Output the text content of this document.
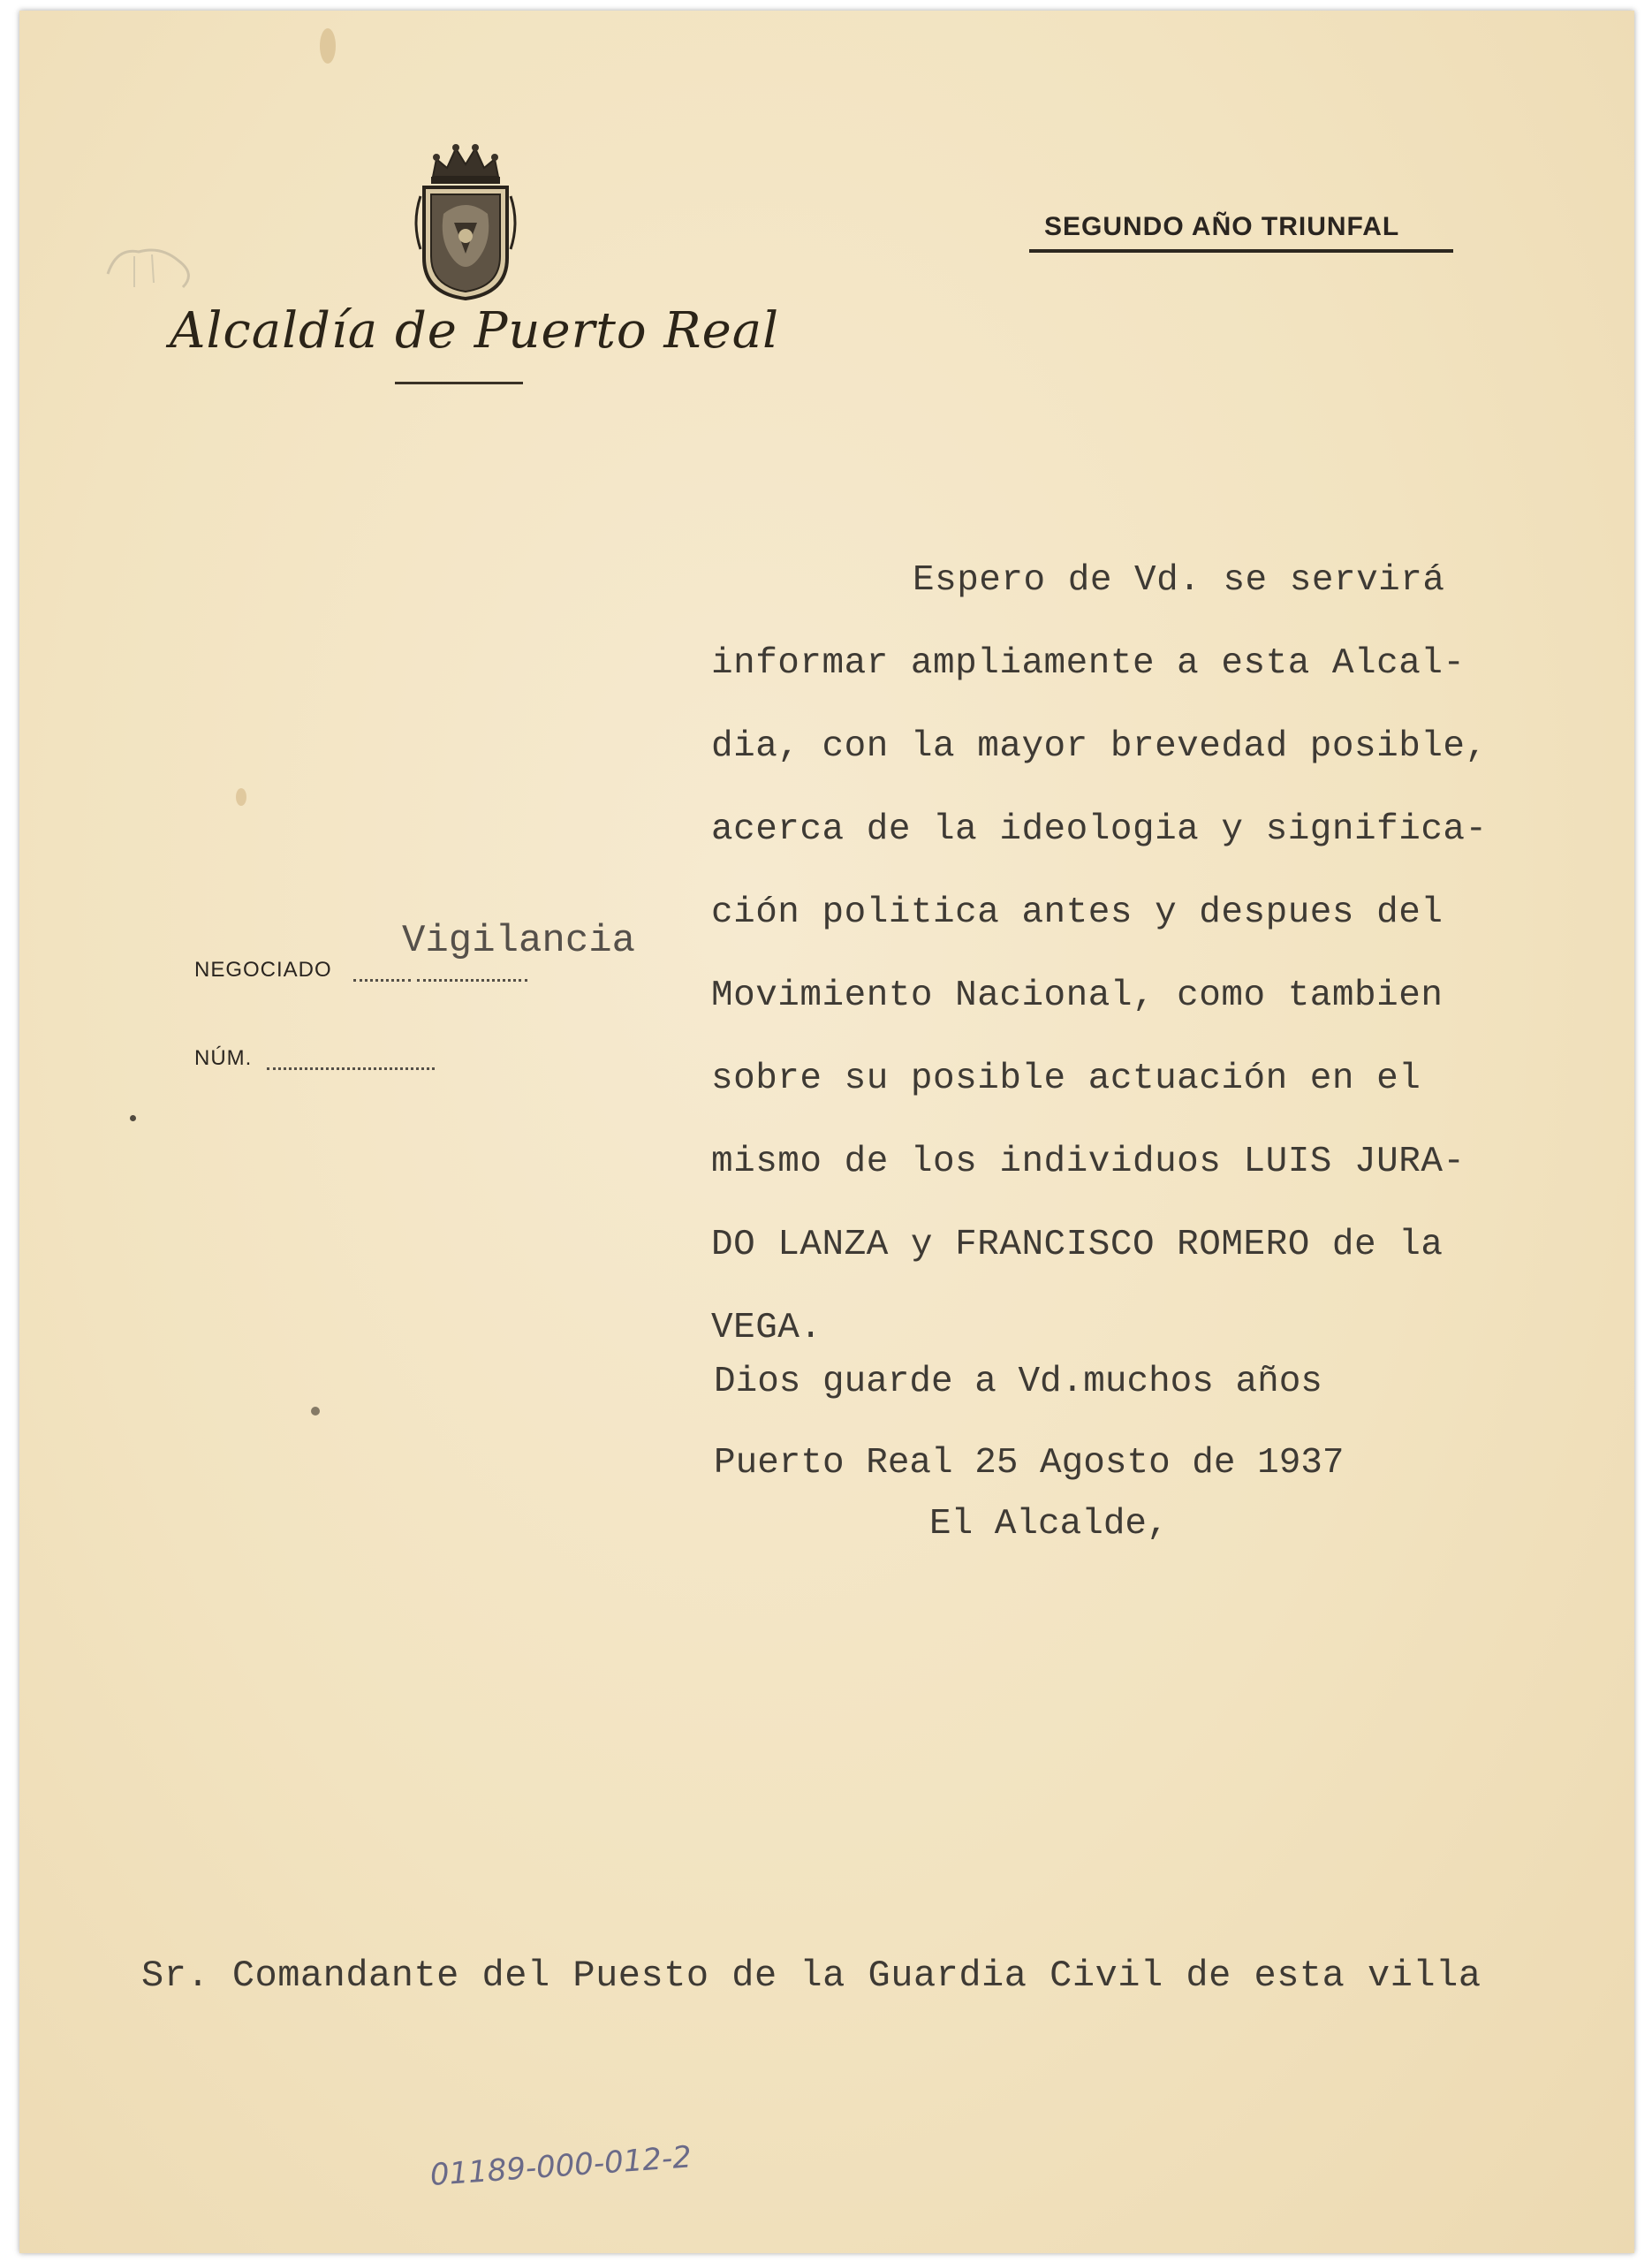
Alcaldía de Puerto Real
SEGUNDO AÑO TRIUNFAL
NEGOCIADO
Vigilancia
NÚM.
Espero de Vd. se servirá
informar ampliamente a esta Alcal-
dia, con la mayor brevedad posible,
acerca de la ideologia y significa-
ción politica antes y despues del
Movimiento Nacional, como tambien
sobre su posible actuación en el
mismo de los individuos LUIS JURA-
DO LANZA y FRANCISCO ROMERO de la
VEGA.
Dios guarde a Vd.muchos años
Puerto Real 25 Agosto de 1937
El Alcalde,
Sr. Comandante del Puesto de la Guardia Civil de esta villa
01189-000-012-2
